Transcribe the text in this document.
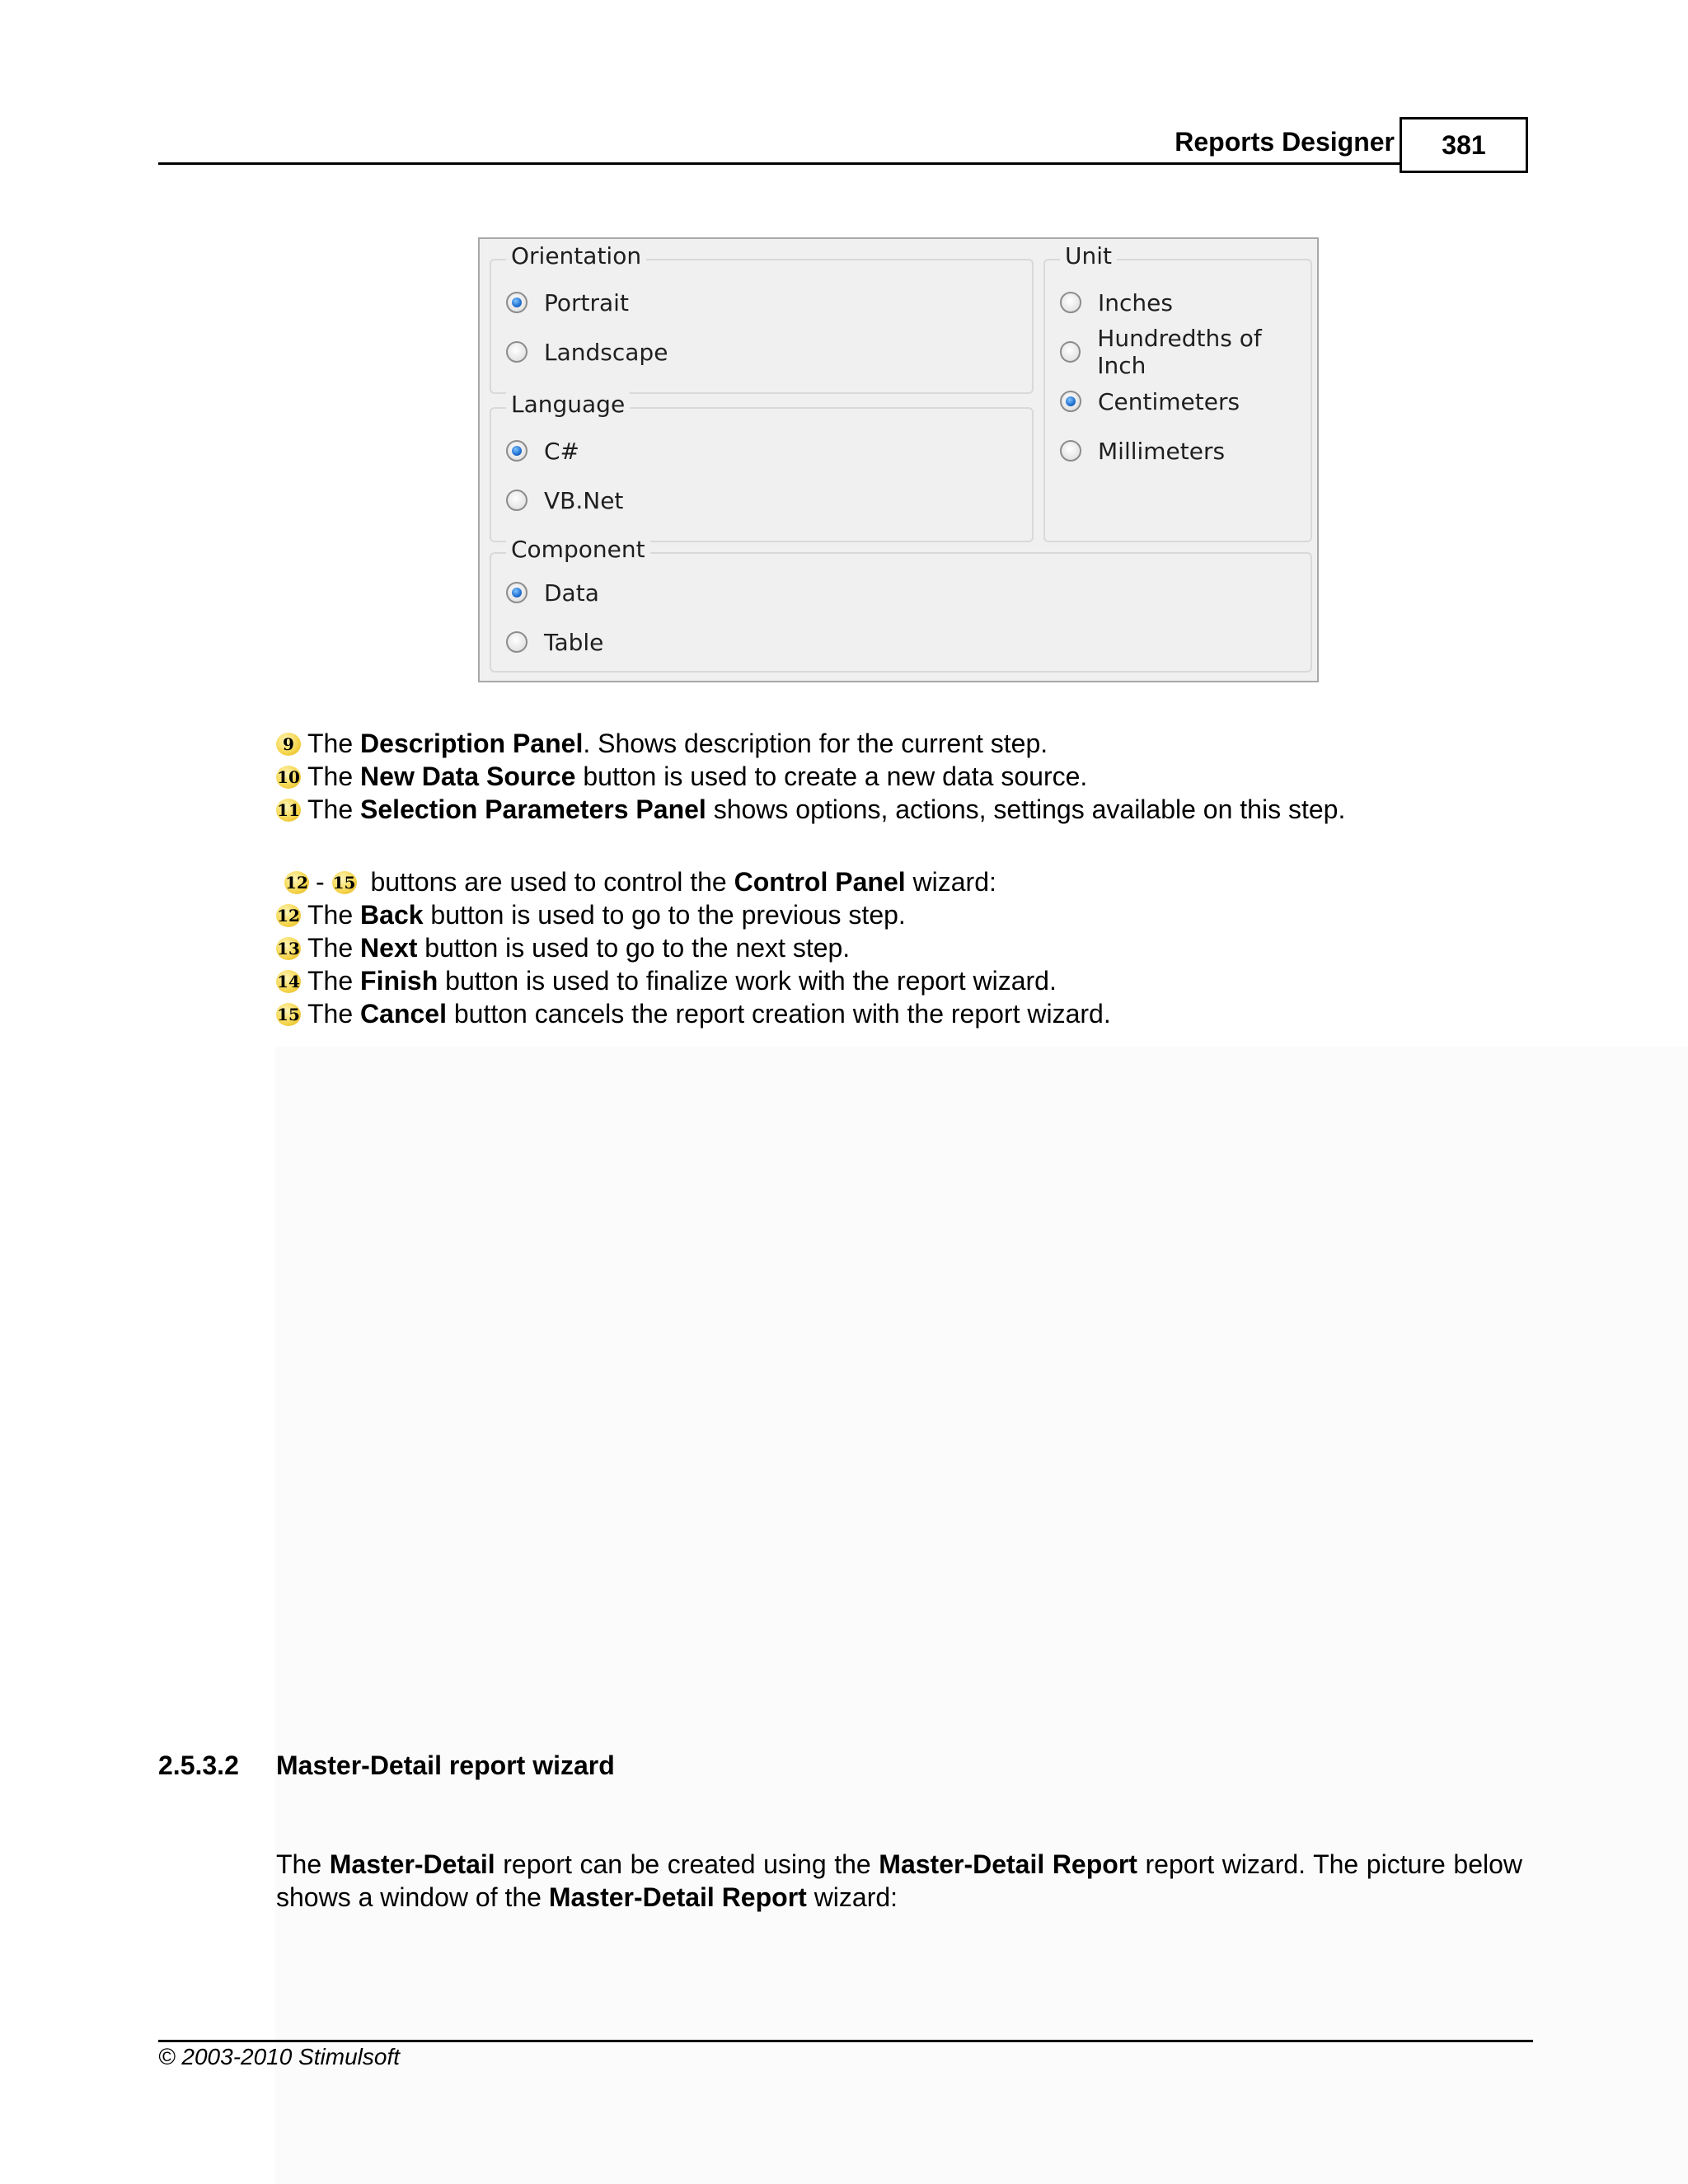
Reports Designer	381
Orientation
Portrait
Landscape
Language
C#
VB.Net
Unit
Inches
Hundredths of Inch
Centimeters
Millimeters
Component
Data
Table
9 The Description Panel. Shows description for the current step.
10 The New Data Source button is used to create a new data source.
11 The Selection Parameters Panel shows options, actions, settings available on this step.
12 - 15 buttons are used to control the Control Panel wizard:
12 The Back button is used to go to the previous step.
13 The Next button is used to go to the next step.
14 The Finish button is used to finalize work with the report wizard.
15 The Cancel button cancels the report creation with the report wizard.
2.5.3.2 Master-Detail report wizard
The Master-Detail report can be created using the Master-Detail Report report wizard. The picture below shows a window of the Master-Detail Report wizard:
© 2003-2010 Stimulsoft
